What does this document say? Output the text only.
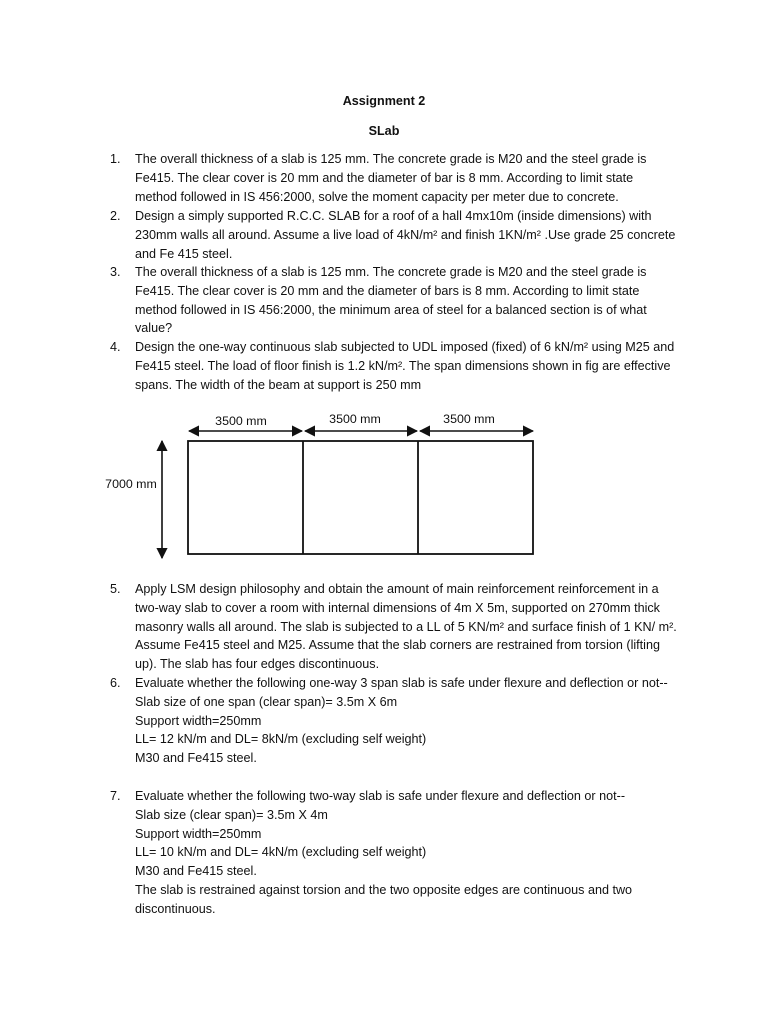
Assignment 2
SLab
1.	The overall thickness of a slab is 125 mm. The concrete grade is M20 and the steel grade is

Fe415. The clear cover is 20 mm and the diameter of bar is 8 mm. According to limit state

method followed in IS 456:2000, solve the moment capacity per meter due to concrete.

2.	Design a simply supported R.C.C. SLAB for a roof of a hall 4mx10m (inside dimensions) with

230mm walls all around. Assume a live load of 4kN/m² and finish 1KN/m² .Use grade 25 concrete

and Fe 415 steel.

3.	The overall thickness of a slab is 125 mm. The concrete grade is M20 and the steel grade is

Fe415. The clear cover is 20 mm and the diameter of bars is 8 mm. According to limit state

method followed in IS 456:2000, the minimum area of steel for a balanced section is of what

value?

4.	Design the one-way continuous slab subjected to UDL imposed (fixed) of 6 kN/m² using M25 and

Fe415 steel. The load of floor finish is 1.2 kN/m². The span dimensions shown in fig are effective

spans. The width of the beam at support is 250 mm

3500 mm	3500 mm	3500 mm
7000 mm
5.	Apply LSM design philosophy and obtain the amount of main reinforcement reinforcement in a

two-way slab to cover a room with internal dimensions of 4m X 5m, supported on 270mm thick

masonry walls all around. The slab is subjected to a LL of 5 KN/m² and surface finish of 1 KN/ m².

Assume Fe415 steel and M25. Assume that the slab corners are restrained from torsion (lifting

up). The slab has four edges discontinuous.

6.	Evaluate whether the following one-way 3 span slab is safe under flexure and deflection or not--

Slab size of one span (clear span)= 3.5m X 6m

Support width=250mm

LL= 12 kN/m and DL= 8kN/m (excluding self weight)

M30 and Fe415 steel.

7.	Evaluate whether the following two-way slab is safe under flexure and deflection or not--

Slab size (clear span)= 3.5m X 4m

Support width=250mm

LL= 10 kN/m and DL= 4kN/m (excluding self weight)

M30 and Fe415 steel.

The slab is restrained against torsion and the two opposite edges are continuous and two

discontinuous.
